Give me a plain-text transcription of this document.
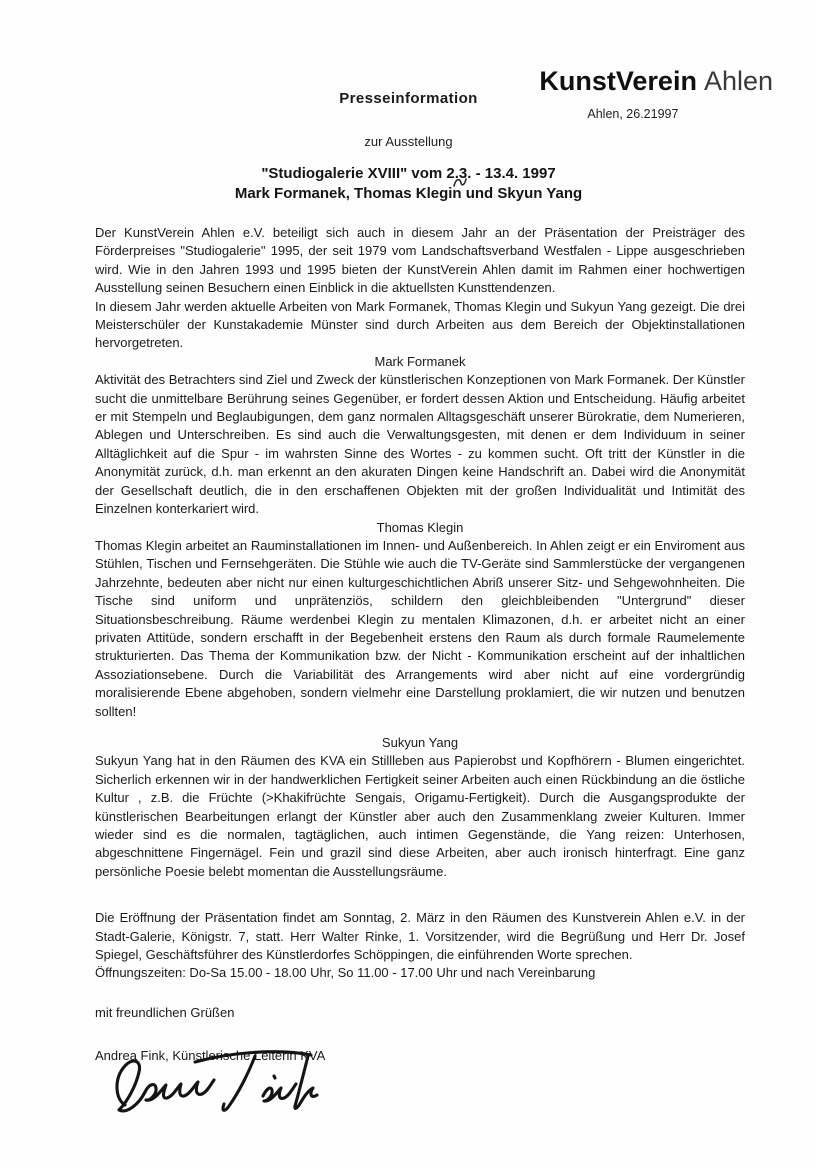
Presseinformation
KunstVerein Ahlen
Ahlen, 26.21997
zur Ausstellung
"Studiogalerie XVIII" vom 2.3. - 13.4. 1997
Mark Formanek, Thomas Klegin und Skyun Yang

Der KunstVerein Ahlen e.V. beteiligt sich auch in diesem Jahr an der Präsentation der Preisträger des Förderpreises "Studiogalerie" 1995, der seit 1979 vom Landschaftsverband Westfalen - Lippe ausgeschrieben wird. Wie in den Jahren 1993 und 1995 bieten der KunstVerein Ahlen damit im Rahmen einer hochwertigen Ausstellung seinen Besuchern einen Einblick in die aktuellsten Kunsttendenzen.

In diesem Jahr werden aktuelle Arbeiten von Mark Formanek, Thomas Klegin und Sukyun Yang gezeigt. Die drei Meisterschüler der Kunstakademie Münster sind durch Arbeiten aus dem Bereich der Objektinstallationen hervorgetreten.

Mark Formanek

Aktivität des Betrachters sind Ziel und Zweck der künstlerischen Konzeptionen von Mark Formanek. Der Künstler sucht die unmittelbare Berührung seines Gegenüber, er fordert dessen Aktion und Entscheidung. Häufig arbeitet er mit Stempeln und Beglaubigungen, dem ganz normalen Alltagsgeschäft unserer Bürokratie, dem Numerieren, Ablegen und Unterschreiben. Es sind auch die Verwaltungsgesten, mit denen er dem Individuum in seiner Alltäglichkeit auf die Spur - im wahrsten Sinne des Wortes - zu kommen sucht. Oft tritt der Künstler in die Anonymität zurück, d.h. man erkennt an den akuraten Dingen keine Handschrift an. Dabei wird die Anonymität der Gesellschaft deutlich, die in den erschaffenen Objekten mit der großen Individualität und Intimität des Einzelnen konterkariert wird.

Thomas Klegin

Thomas Klegin arbeitet an Rauminstallationen im Innen- und Außenbereich. In Ahlen zeigt er ein Enviroment aus Stühlen, Tischen und Fernsehgeräten. Die Stühle wie auch die TV-Geräte sind Sammlerstücke der vergangenen Jahrzehnte, bedeuten aber nicht nur einen kulturgeschichtlichen Abriß unserer Sitz- und Sehgewohnheiten. Die Tische sind uniform und unprätenziös, schildern den gleichbleibenden "Untergrund" dieser Situationsbeschreibung. Räume werdenbei Klegin zu mentalen Klimazonen, d.h. er arbeitet nicht an einer privaten Attitüde, sondern erschafft in der Begebenheit erstens den Raum als durch formale Raumelemente strukturierten. Das Thema der Kommunikation bzw. der Nicht - Kommunikation erscheint auf der inhaltlichen Assoziationsebene. Durch die Variabilität des Arrangements wird aber nicht auf eine vordergründig moralisierende Ebene abgehoben, sondern vielmehr eine Darstellung proklamiert, die wir nutzen und benutzen sollten!

Sukyun Yang

Sukyun Yang hat in den Räumen des KVA ein Stillleben aus Papierobst und Kopfhörern - Blumen eingerichtet. Sicherlich erkennen wir in der handwerklichen Fertigkeit seiner Arbeiten auch einen Rückbindung an die östliche Kultur , z.B. die Früchte (>Khakifrüchte Sengais, Origamu-Fertigkeit). Durch die Ausgangsprodukte der künstlerischen Bearbeitungen erlangt der Künstler aber auch den Zusammenklang zweier Kulturen. Immer wieder sind es die normalen, tagtäglichen, auch intimen Gegenstände, die Yang reizen: Unterhosen, abgeschnittene Fingernägel. Fein und grazil sind diese Arbeiten, aber auch ironisch hinterfragt. Eine ganz persönliche Poesie belebt momentan die Ausstellungsräume.

Die Eröffnung der Präsentation findet am Sonntag, 2. März in den Räumen des Kunstverein Ahlen e.V. in der Stadt-Galerie, Königstr. 7, statt. Herr Walter Rinke, 1. Vorsitzender, wird die Begrüßung und Herr Dr. Josef Spiegel, Geschäftsführer des Künstlerdorfes Schöppingen, die einführenden Worte sprechen.

Öffnungszeiten: Do-Sa 15.00 - 18.00 Uhr, So 11.00 - 17.00 Uhr und nach Vereinbarung

mit freundlichen Grüßen

Andrea Fink, Künstlerische Leiterin KVA
